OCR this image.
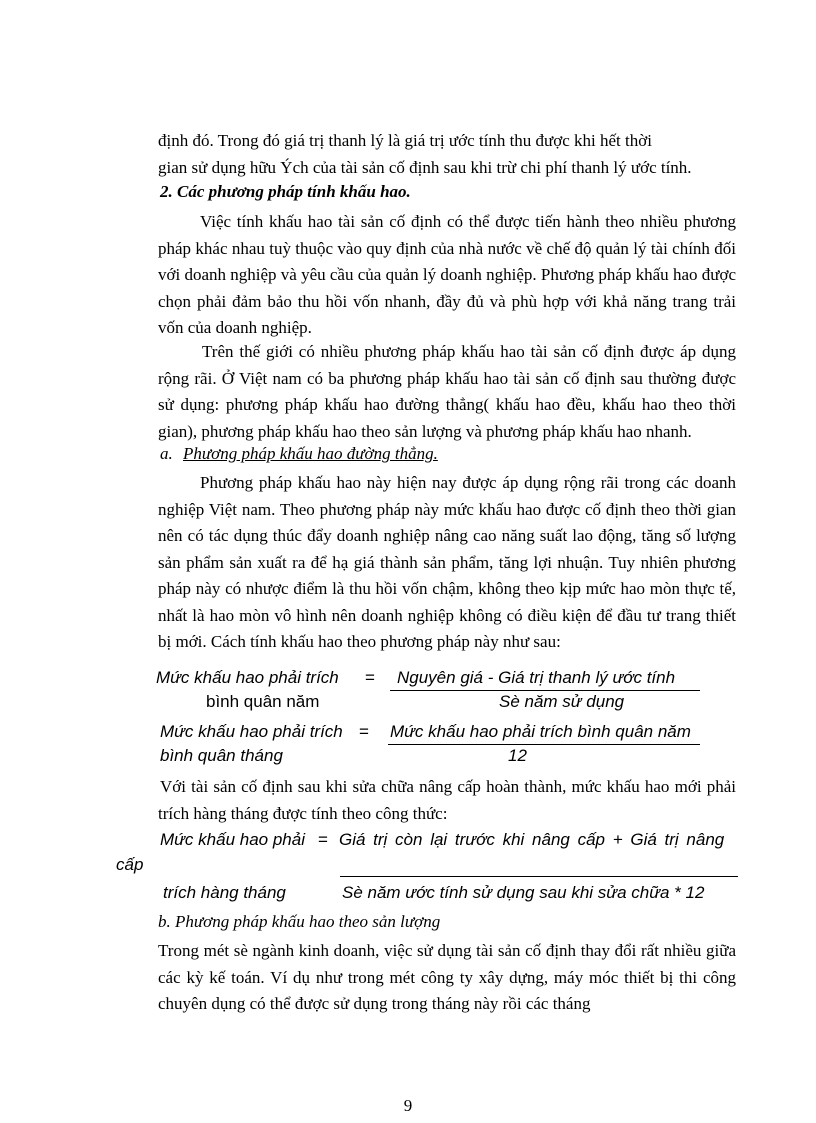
định đó. Trong đó giá trị thanh lý là giá trị ước tính thu được khi hết thời

gian sử dụng hữu Ých của tài sản cố định sau khi trừ chi phí thanh lý ước tính.

2. Các phương pháp tính khấu hao.

Việc tính khấu hao tài sản cố định có thể được tiến hành theo nhiều phương pháp khác nhau tuỳ thuộc vào quy định của nhà nước về chế độ quản lý tài chính đối với doanh nghiệp và yêu cầu của quản lý doanh nghiệp. Phương pháp khấu hao được chọn phải đảm bảo thu hồi vốn nhanh, đầy đủ và phù hợp với khả năng trang trải vốn của doanh nghiệp.

Trên thế giới có nhiều phương pháp khấu hao tài sản cố định được áp dụng rộng rãi. Ở Việt nam có ba phương pháp khấu hao tài sản cố định sau thường được sử dụng: phương pháp khấu hao đường thẳng( khấu hao đều, khấu hao theo thời gian), phương pháp khấu hao theo sản lượng và phương pháp khấu hao nhanh.

a. Phương pháp khấu hao đường thẳng.

Phương pháp khấu hao này hiện nay được áp dụng rộng rãi trong các doanh nghiệp Việt nam. Theo phương pháp này mức khấu hao được cố định theo thời gian nên có tác dụng thúc đẩy doanh nghiệp nâng cao năng suất lao động, tăng số lượng sản phẩm sản xuất ra để hạ giá thành sản phẩm, tăng lợi nhuận. Tuy nhiên phương pháp này có nhược điểm là thu hồi vốn chậm, không theo kịp mức hao mòn thực tế, nhất là hao mòn vô hình nên doanh nghiệp không có điều kiện để đầu tư trang thiết bị mới. Cách tính khấu hao theo phương pháp này như sau:

Mức khấu hao phải trích
bình quân năm
= Nguyên giá - Giá trị thanh lý ước tính
Sè năm sử dụng
Mức khấu hao phải trích
bình quân tháng
= Mức khấu hao phải trích bình quân năm
12

Với tài sản cố định sau khi sửa chữa nâng cấp hoàn thành, mức khấu hao mới phải trích hàng tháng được tính theo công thức:

Mức khấu hao phải = Giá trị còn lại trước khi nâng cấp + Giá trị nâng
cấp
trích hàng tháng	Sè năm ước tính sử dụng sau khi sửa chữa * 12

b. Phương pháp khấu hao theo sản lượng

Trong mét sè ngành kinh doanh, việc sử dụng tài sản cố định thay đổi rất nhiều giữa các kỳ kế toán. Ví dụ như trong mét công ty xây dựng, máy móc thiết bị thi công chuyên dụng có thể được sử dụng trong tháng này rồi các tháng

9
